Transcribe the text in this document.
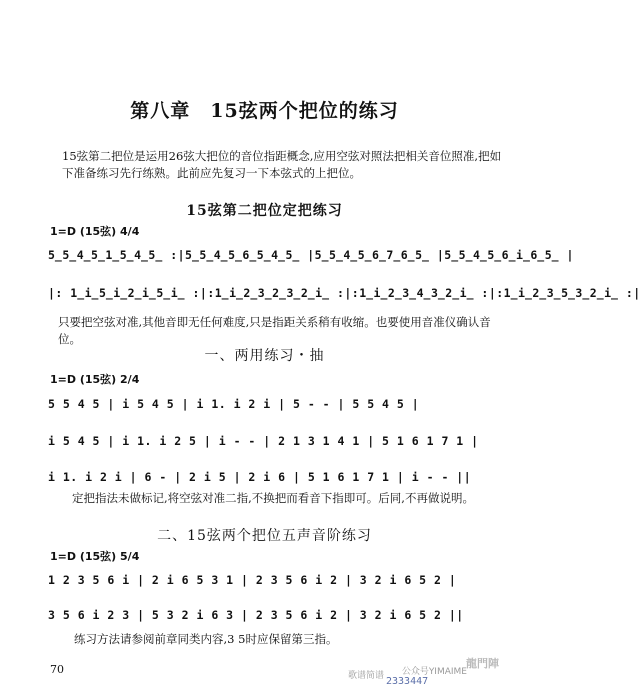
第八章　15弦两个把位的练习
15弦第二把位是运用26弦大把位的音位指距概念,应用空弦对照法把相关音位照准,把如下准备练习先行练熟。此前应先复习一下本弦式的上把位。
15弦第二把位定把练习
1=D (15弦) 4/4
5̲5̲4̲5̲1̲5̲4̲5̲ :|5̲5̲4̲5̲6̲5̲4̲5̲ |5̲5̲4̲5̲6̲7̲6̲5̲ |5̲5̲4̲5̲6̲i̲6̲5̲ |
|: 1̲i̲5̲i̲2̲i̲5̲i̲ :|:1̲i̲2̲3̲2̲3̲2̲i̲ :|:1̲i̲2̲3̲4̲3̲2̲i̲ :|:1̲i̲2̲3̲5̲3̲2̲i̲ :|
只要把空弦对准,其他音即无任何难度,只是指距关系稍有收缩。也要使用音准仪确认音位。
一、两用练习・抽
1=D (15弦) 2/4
5 5 4 5 | i 5 4 5 | i 1. i 2 i | 5 - - | 5 5 4 5 |
i 5 4 5 | i 1. i 2 5 | i - - | 2 1 3 1 4 1 | 5 1 6 1 7 1 |
i 1. i 2 i | 6 - | 2 i 5 | 2 i 6 | 5 1 6 1 7 1 | i - - ||
定把指法未做标记,将空弦对准二指,不换把而看音下指即可。后同,不再做说明。
二、15弦两个把位五声音阶练习
1=D (15弦) 5/4
1 2 3 5 6 i | 2 i 6 5 3 1 | 2 3 5 6 i 2 | 3 2 i 6 5 2 |
3 5 6 i 2 3 | 5 3 2 i 6 3 | 2 3 5 6 i 2 | 3 2 i 6 5 2 ||
练习方法请参阅前章同类内容,3 5时应保留第三指。
70	龍門陣
公众号YIMAIME
歌谱简谱 2333447
